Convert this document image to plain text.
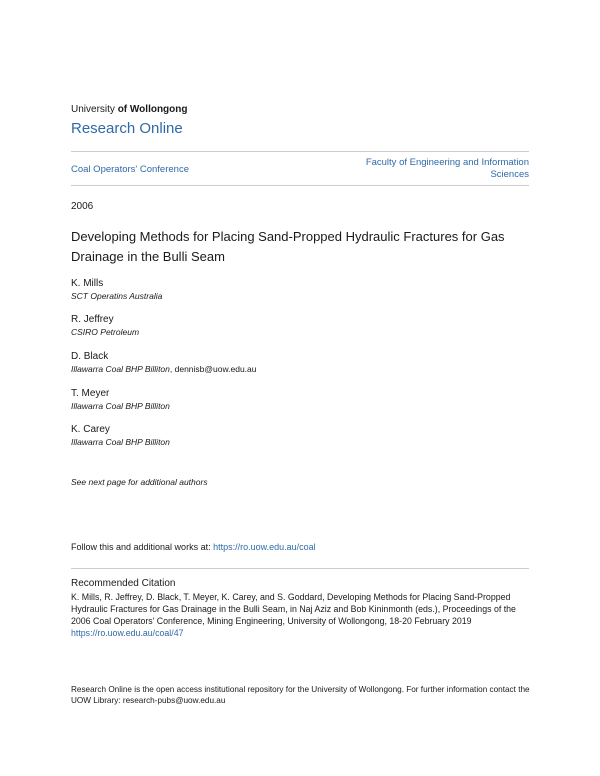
University of Wollongong
Research Online
Coal Operators' Conference
Faculty of Engineering and Information
Sciences
2006
Developing Methods for Placing Sand-Propped Hydraulic Fractures for Gas Drainage in the Bulli Seam
K. Mills
SCT Operatins Australia
R. Jeffrey
CSIRO Petroleum
D. Black
Illawarra Coal BHP Billiton, dennisb@uow.edu.au
T. Meyer
Illawarra Coal BHP Billiton
K. Carey
Illawarra Coal BHP Billiton
See next page for additional authors
Follow this and additional works at: https://ro.uow.edu.au/coal
Recommended Citation
K. Mills, R. Jeffrey, D. Black, T. Meyer, K. Carey, and S. Goddard, Developing Methods for Placing Sand-Propped Hydraulic Fractures for Gas Drainage in the Bulli Seam, in Naj Aziz and Bob Kininmonth (eds.), Proceedings of the 2006 Coal Operators' Conference, Mining Engineering, University of Wollongong, 18-20 February 2019
https://ro.uow.edu.au/coal/47
Research Online is the open access institutional repository for the University of Wollongong. For further information contact the UOW Library: research-pubs@uow.edu.au
